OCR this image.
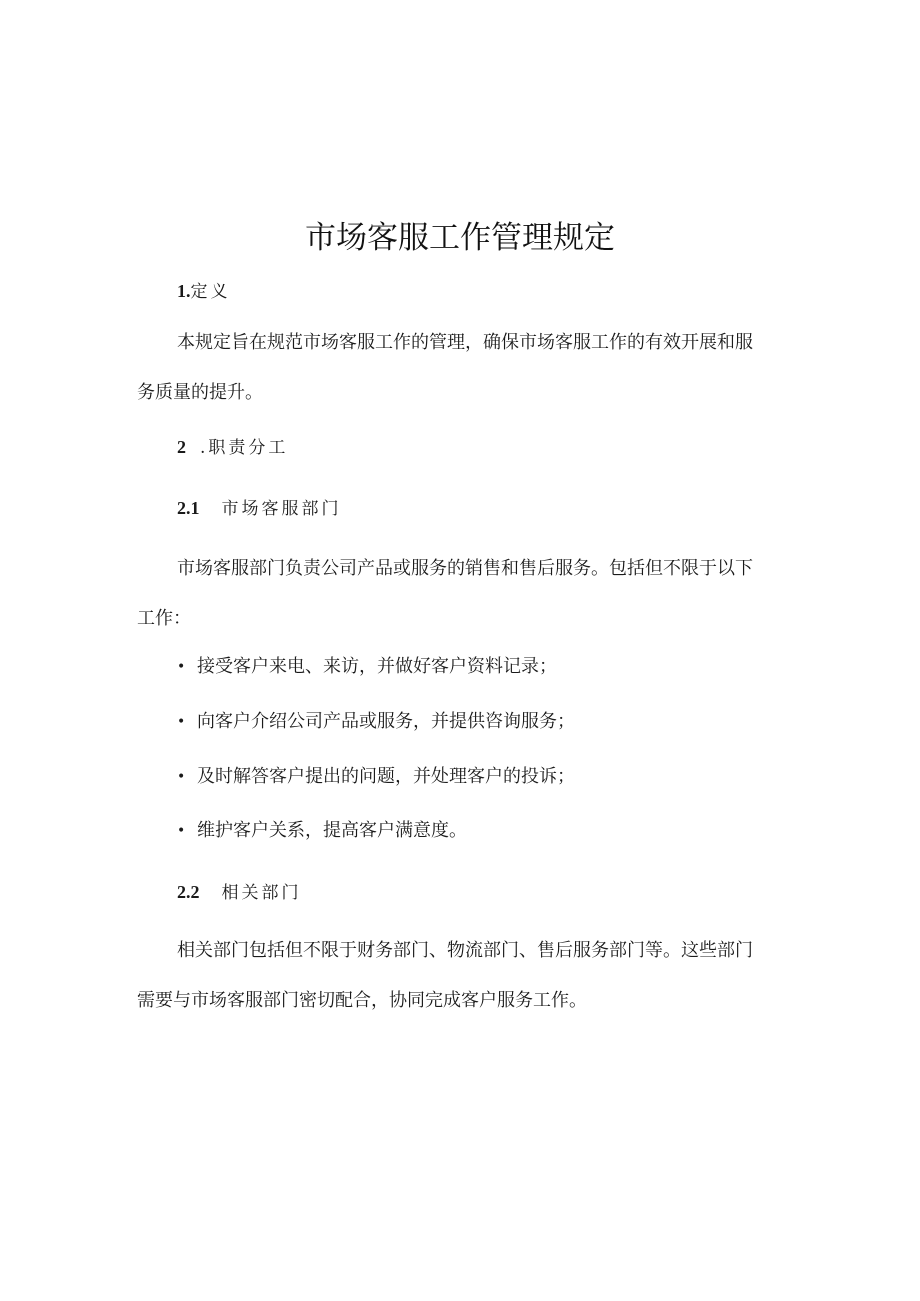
市场客服工作管理规定
1.定义

本规定旨在规范市场客服工作的管理，确保市场客服工作的有效开展和服务质量的提升。

2 .职责分工
2.1 市场客服部门

市场客服部门负责公司产品或服务的销售和售后服务。包括但不限于以下工作：

• 接受客户来电、来访，并做好客户资料记录；
• 向客户介绍公司产品或服务，并提供咨询服务；
• 及时解答客户提出的问题，并处理客户的投诉；
• 维护客户关系，提高客户满意度。
2.2 相关部门

相关部门包括但不限于财务部门、物流部门、售后服务部门等。这些部门需要与市场客服部门密切配合，协同完成客户服务工作。
